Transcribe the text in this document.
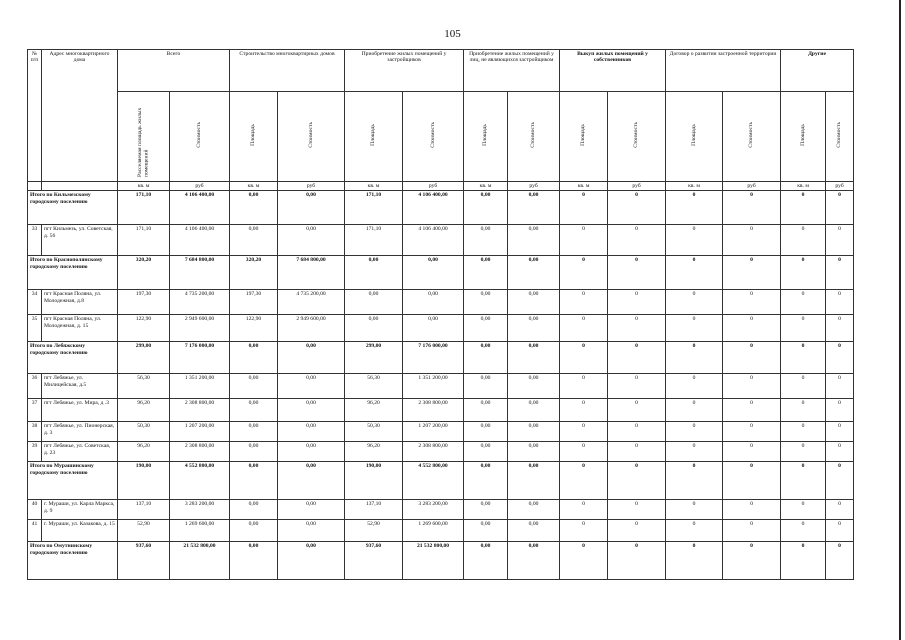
105
№ п/п	Адрес многоквартирного дома	Всего		Строительство многоквартирных домов		Приобретение жилых помещений у застройщиков		Приобретение жилых помещений у лиц, не являющихся застройщиком		Выкуп жилых помещений у собственников		Договор о развитии застроенной территории		Другие	

		Расселяемая площадь жилых помещений	Стоимость	Площадь	Стоимость	Площадь	Стоимость	Площадь	Стоимость	Площадь	Стоимость	Площадь	Стоимость	Площадь	Стоимость

		кв. м	руб	кв. м	руб	кв. м	руб	кв. м	руб	кв. м	руб	кв. м	руб	кв. м	руб
Итого по Кильмезскому городскому поселению		171,10	4 106 400,00	0,00	0,00	171,10	4 106 400,00	0,00	0,00	0	0	0	0	0	0
33	пгт Кильмезь, ул. Советская, д. 56	171,10	4 106 400,00	0,00	0,00	171,10	4 106 400,00	0,00	0,00	0	0	0	0	0	0
Итого по Краснополянскому городскому поселению		320,20	7 684 800,00	320,20	7 684 800,00	0,00	0,00	0,00	0,00	0	0	0	0	0	0
34	пгт Красная Поляна, ул. Молодежная, д.8	197,30	4 735 200,00	197,30	4 735 200,00	0,00	0,00	0,00	0,00	0	0	0	0	0	0
35	пгт Красная Поляна, ул. Молодежная, д. 15	122,90	2 949 600,00	122,90	2 949 600,00	0,00	0,00	0,00	0,00	0	0	0	0	0	0
Итого по Лебяжскому городскому поселению		299,00	7 176 000,00	0,00	0,00	299,00	7 176 000,00	0,00	0,00	0	0	0	0	0	0
36	пгт Лебяжье, ул. Милицейская, д.5	56,30	1 351 200,00	0,00	0,00	56,30	1 351 200,00	0,00	0,00	0	0	0	0	0	0
37	пгт Лебяжье, ул. Мира, д .3	96,20	2 308 800,00	0,00	0,00	96,20	2 308 800,00	0,00	0,00	0	0	0	0	0	0
38	пгт Лебяжье, ул. Пионерская, д. 3	50,30	1 207 200,00	0,00	0,00	50,30	1 207 200,00	0,00	0,00	0	0	0	0	0	0
39	пгт Лебяжье, ул. Советская, д. 23	96,20	2 308 800,00	0,00	0,00	96,20	2 308 800,00	0,00	0,00	0	0	0	0	0	0
Итого по Мурашинскому городскому поселению		190,00	4 552 800,00	0,00	0,00	190,00	4 552 800,00	0,00	0,00	0	0	0	0	0	0
40	г. Мураши, ул. Карла Маркса, д. 9	137,10	3 283 200,00	0,00	0,00	137,10	3 283 200,00	0,00	0,00	0	0	0	0	0	0
41	г. Мураши, ул. Казакова, д. 15	52,90	1 269 600,00	0,00	0,00	52,90	1 269 600,00	0,00	0,00	0	0	0	0	0	0
Итого по Омутнинскому городскому поселению		937,60	21 532 800,00	0,00	0,00	937,60	21 532 800,00	0,00	0,00	0	0	0	0	0	0
